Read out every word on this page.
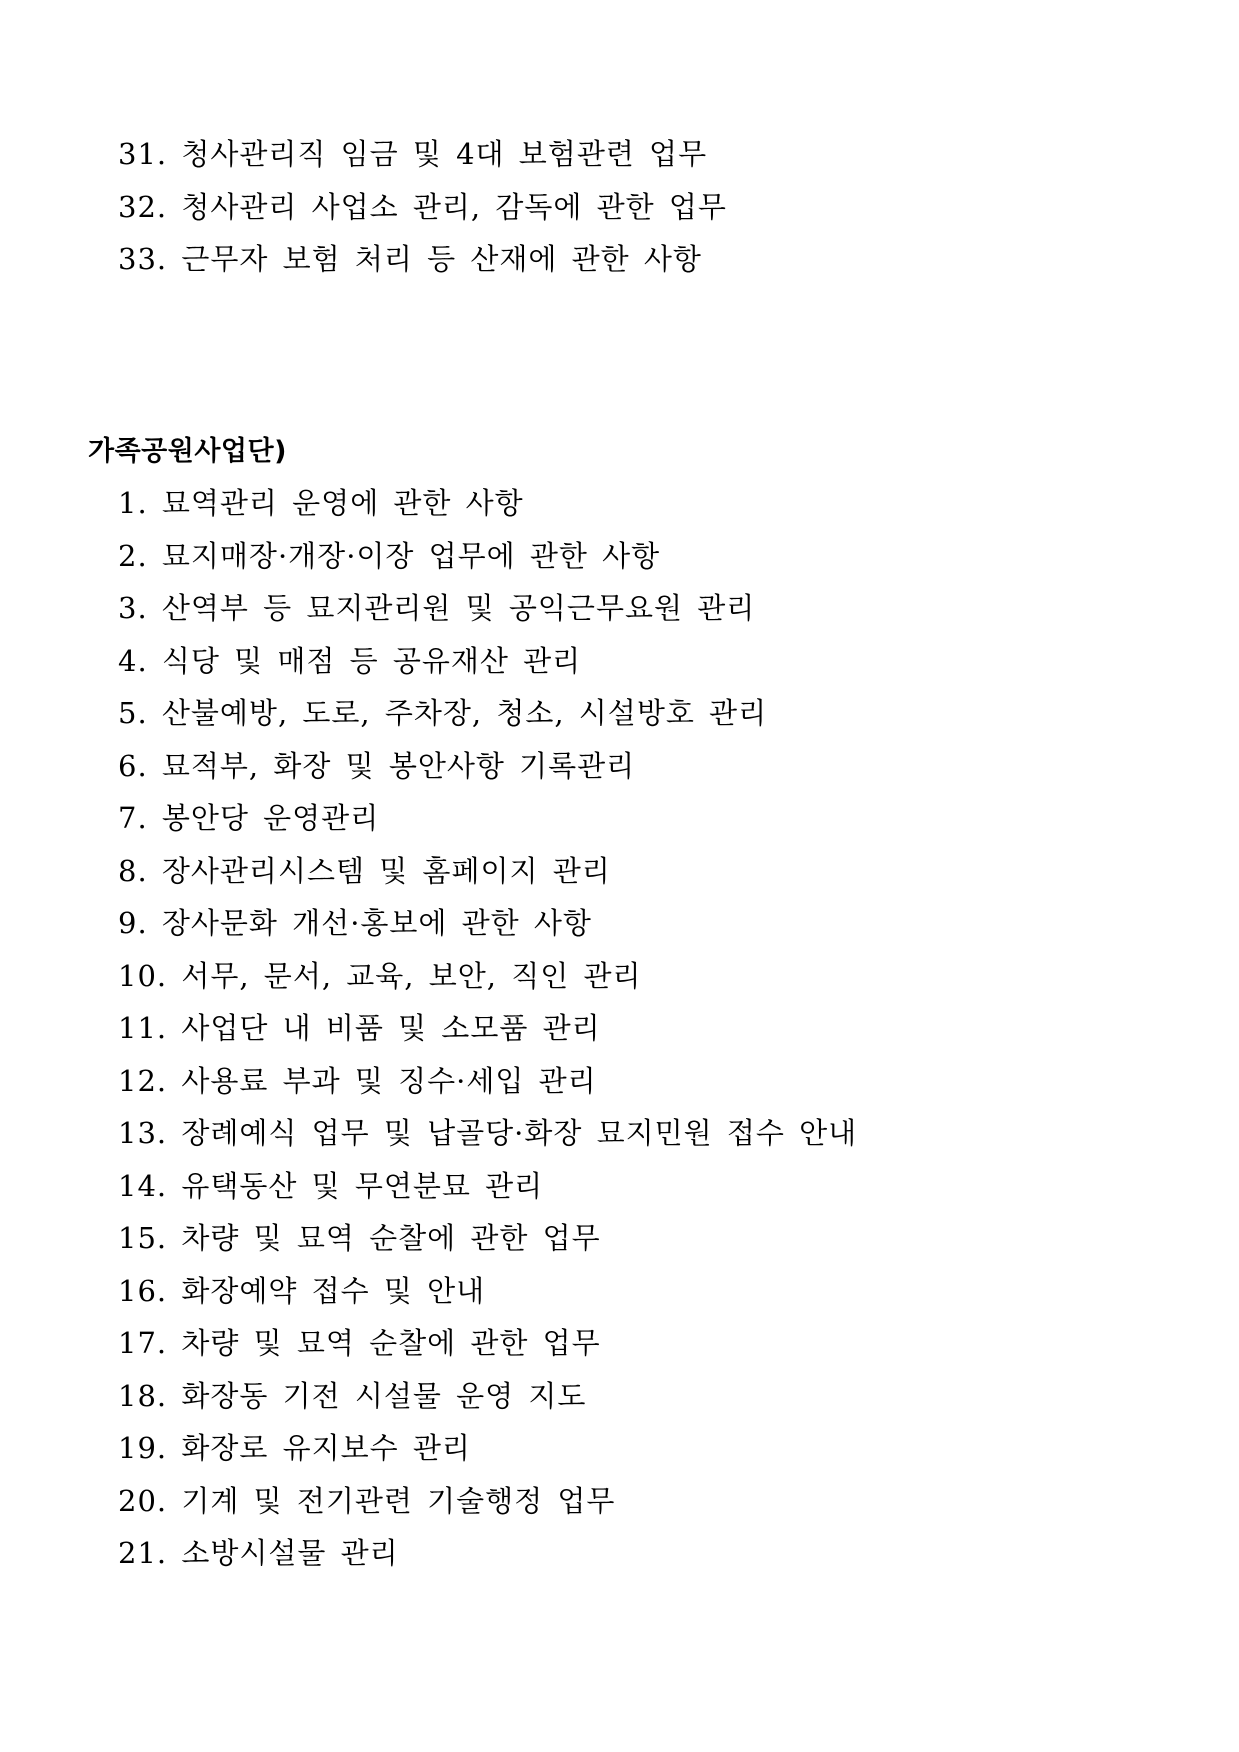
31. 청사관리직 임금 및 4대 보험관련 업무
32. 청사관리 사업소 관리, 감독에 관한 업무
33. 근무자 보험 처리 등 산재에 관한 사항
가족공원사업단)
1. 묘역관리 운영에 관한 사항
2. 묘지매장·개장·이장 업무에 관한 사항
3. 산역부 등 묘지관리원 및 공익근무요원 관리
4. 식당 및 매점 등 공유재산 관리
5. 산불예방, 도로, 주차장, 청소, 시설방호 관리
6. 묘적부, 화장 및 봉안사항 기록관리
7. 봉안당 운영관리
8. 장사관리시스템 및 홈페이지 관리
9. 장사문화 개선·홍보에 관한 사항
10. 서무, 문서, 교육, 보안, 직인 관리
11. 사업단 내 비품 및 소모품 관리
12. 사용료 부과 및 징수·세입 관리
13. 장례예식 업무 및 납골당·화장 묘지민원 접수 안내
14. 유택동산 및 무연분묘 관리
15. 차량 및 묘역 순찰에 관한 업무
16. 화장예약 접수 및 안내
17. 차량 및 묘역 순찰에 관한 업무
18. 화장동 기전 시설물 운영 지도
19. 화장로 유지보수 관리
20. 기계 및 전기관련 기술행정 업무
21. 소방시설물 관리
